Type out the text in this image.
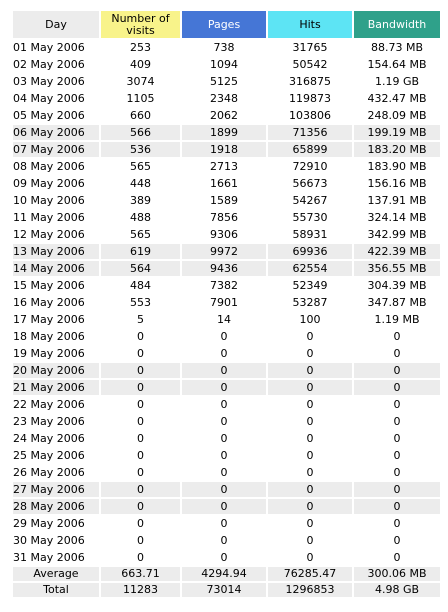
Day	Number of visits	Pages	Hits	Bandwidth
01 May 2006	253	738	31765	88.73 MB
02 May 2006	409	1094	50542	154.64 MB
03 May 2006	3074	5125	316875	1.19 GB
04 May 2006	1105	2348	119873	432.47 MB
05 May 2006	660	2062	103806	248.09 MB
06 May 2006	566	1899	71356	199.19 MB
07 May 2006	536	1918	65899	183.20 MB
08 May 2006	565	2713	72910	183.90 MB
09 May 2006	448	1661	56673	156.16 MB
10 May 2006	389	1589	54267	137.91 MB
11 May 2006	488	7856	55730	324.14 MB
12 May 2006	565	9306	58931	342.99 MB
13 May 2006	619	9972	69936	422.39 MB
14 May 2006	564	9436	62554	356.55 MB
15 May 2006	484	7382	52349	304.39 MB
16 May 2006	553	7901	53287	347.87 MB
17 May 2006	5	14	100	1.19 MB
18 May 2006	0	0	0	0
19 May 2006	0	0	0	0
20 May 2006	0	0	0	0
21 May 2006	0	0	0	0
22 May 2006	0	0	0	0
23 May 2006	0	0	0	0
24 May 2006	0	0	0	0
25 May 2006	0	0	0	0
26 May 2006	0	0	0	0
27 May 2006	0	0	0	0
28 May 2006	0	0	0	0
29 May 2006	0	0	0	0
30 May 2006	0	0	0	0
31 May 2006	0	0	0	0
Average	663.71	4294.94	76285.47	300.06 MB
Total	11283	73014	1296853	4.98 GB
